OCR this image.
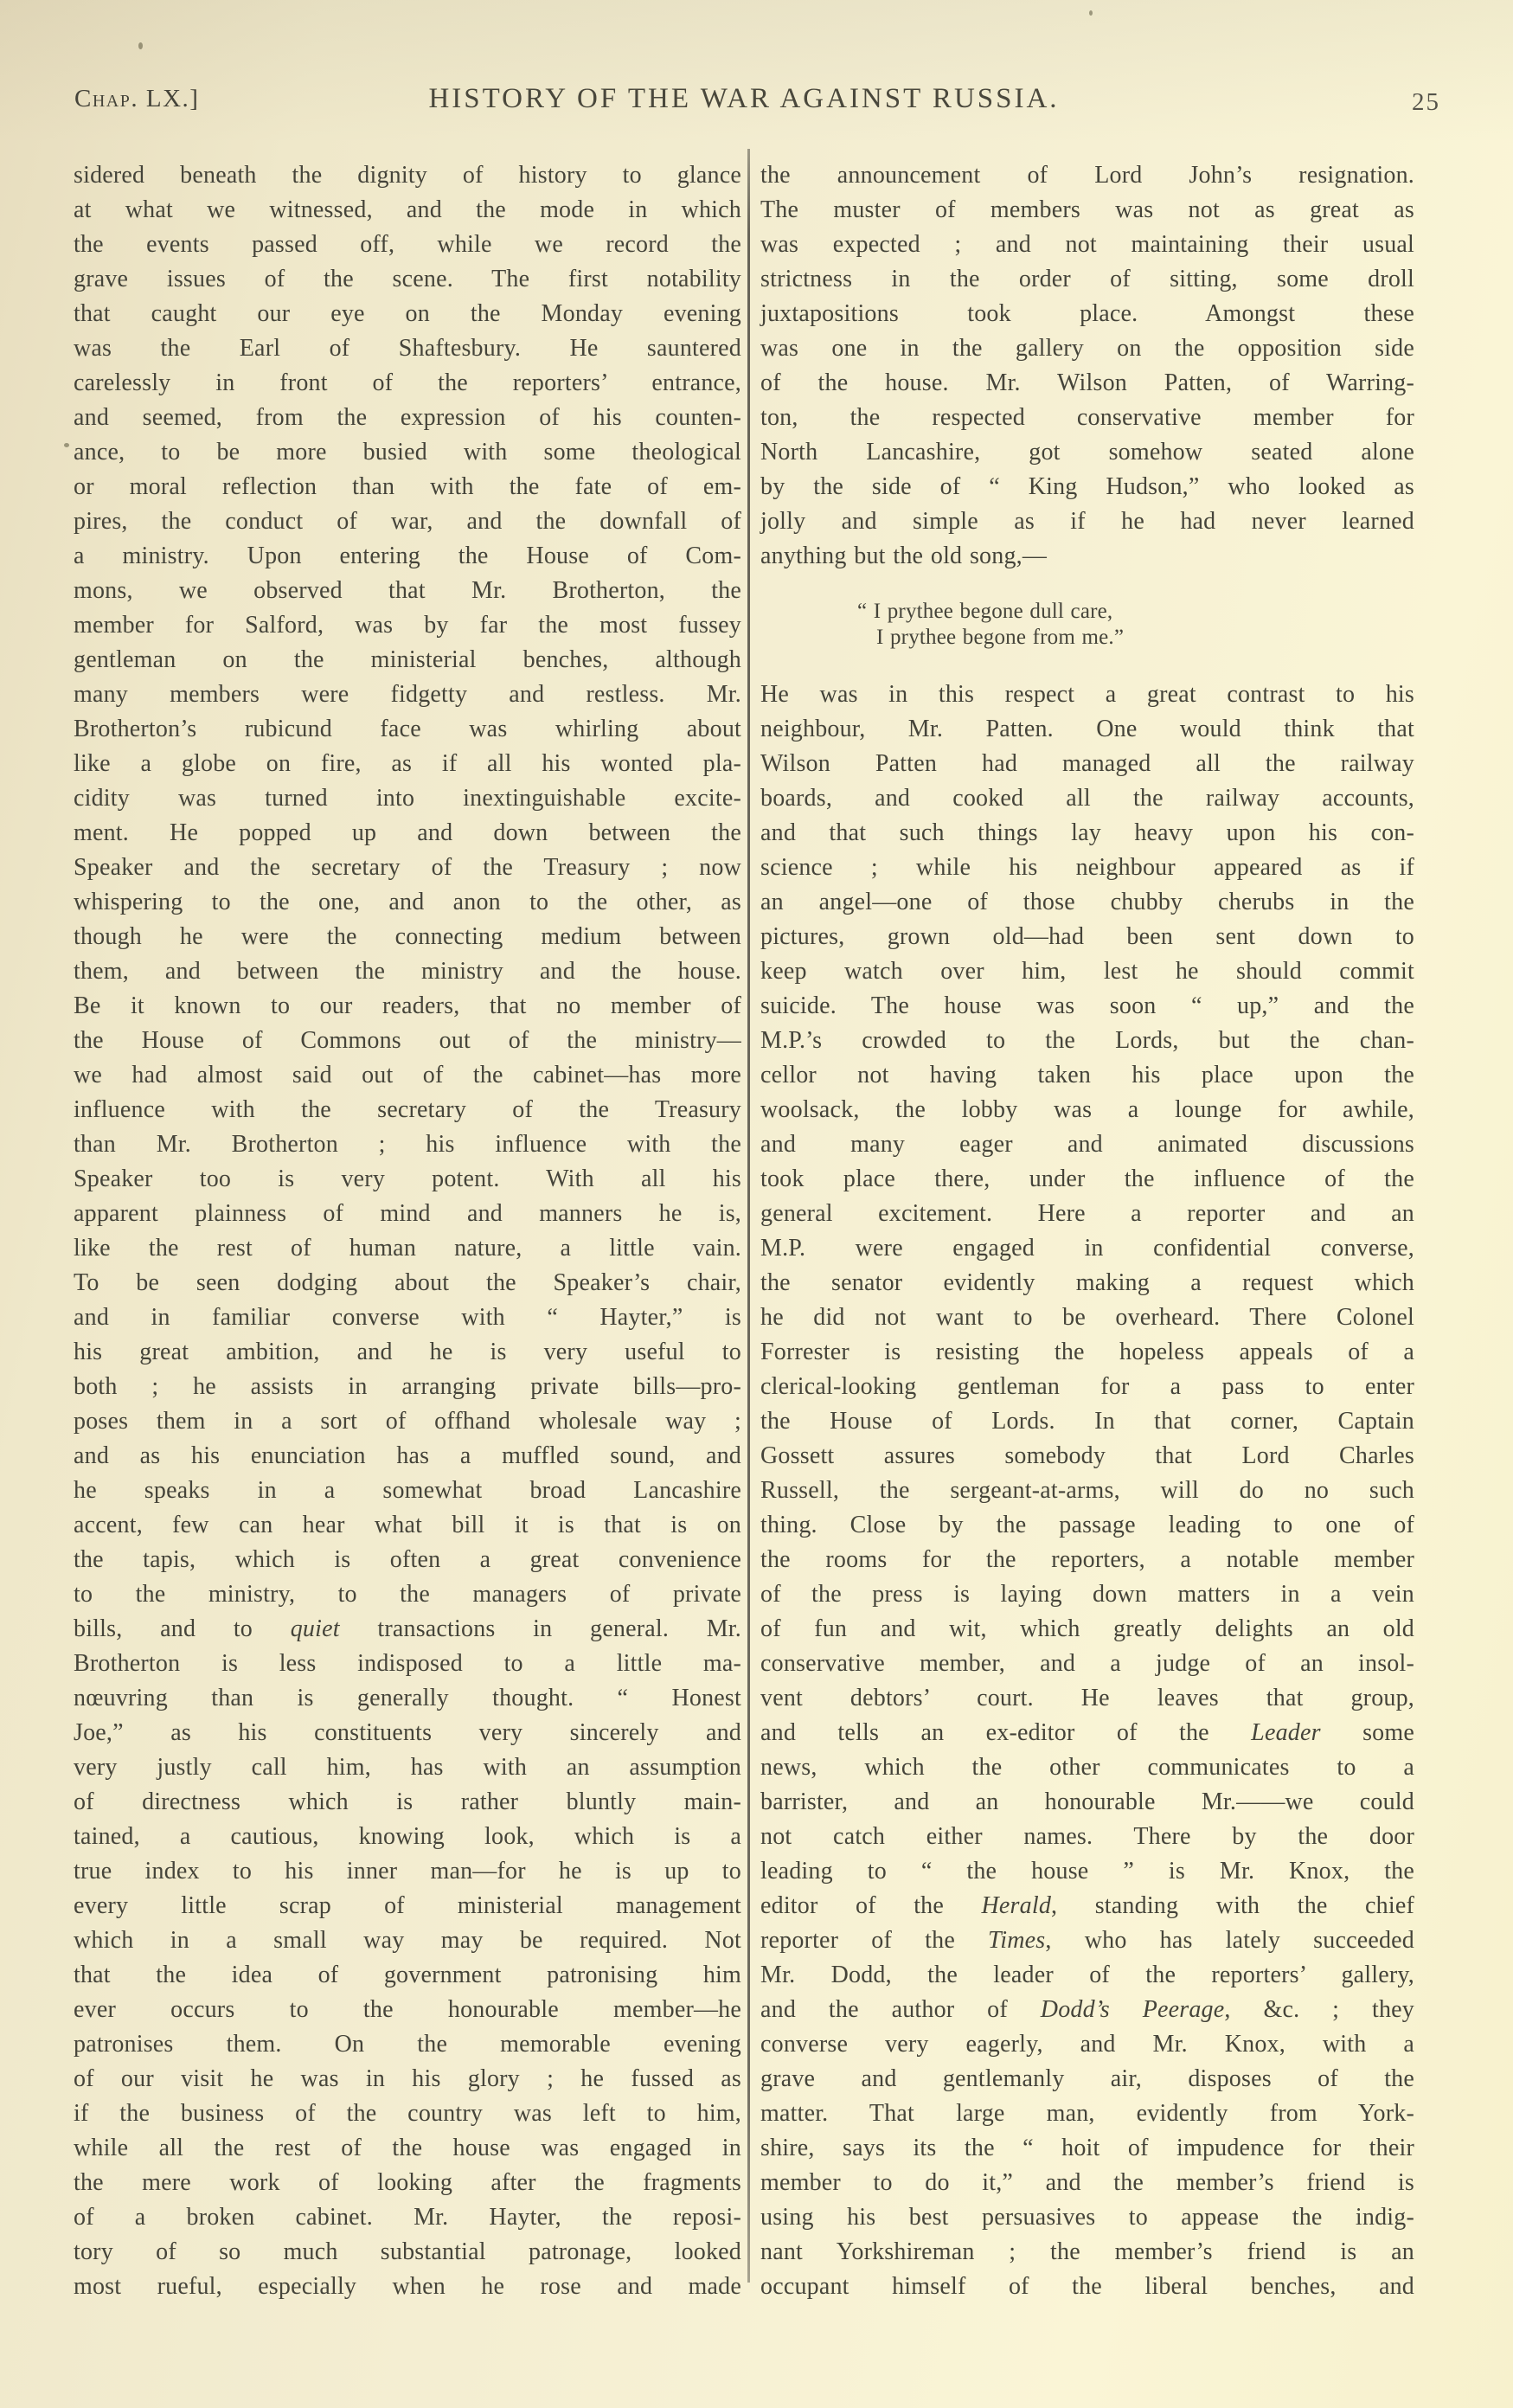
Chap. LX.]	HISTORY OF THE WAR AGAINST RUSSIA.	25
sidered beneath the dignity of history to glance
at what we witnessed, and the mode in which
the events passed off, while we record the
grave issues of the scene. The first notability
that caught our eye on the Monday evening
was the Earl of Shaftesbury. He sauntered
carelessly in front of the reporters’ entrance,
and seemed, from the expression of his counten-
ance, to be more busied with some theological
or moral reflection than with the fate of em-
pires, the conduct of war, and the downfall of
a ministry. Upon entering the House of Com-
mons, we observed that Mr. Brotherton, the
member for Salford, was by far the most fussey
gentleman on the ministerial benches, although
many members were fidgetty and restless. Mr.
Brotherton’s rubicund face was whirling about
like a globe on fire, as if all his wonted pla-
cidity was turned into inextinguishable excite-
ment. He popped up and down between the
Speaker and the secretary of the Treasury ; now
whispering to the one, and anon to the other, as
though he were the connecting medium between
them, and between the ministry and the house.
Be it known to our readers, that no member of
the House of Commons out of the ministry—
we had almost said out of the cabinet—has more
influence with the secretary of the Treasury
than Mr. Brotherton ; his influence with the
Speaker too is very potent. With all his
apparent plainness of mind and manners he is,
like the rest of human nature, a little vain.
To be seen dodging about the Speaker’s chair,
and in familiar converse with “ Hayter,” is
his great ambition, and he is very useful to
both ; he assists in arranging private bills—pro-
poses them in a sort of offhand wholesale way ;
and as his enunciation has a muffled sound, and
he speaks in a somewhat broad Lancashire
accent, few can hear what bill it is that is on
the tapis, which is often a great convenience
to the ministry, to the managers of private
bills, and to quiet transactions in general. Mr.
Brotherton is less indisposed to a little ma-
nœuvring than is generally thought. “ Honest
Joe,” as his constituents very sincerely and
very justly call him, has with an assumption
of directness which is rather bluntly main-
tained, a cautious, knowing look, which is a
true index to his inner man—for he is up to
every little scrap of ministerial management
which in a small way may be required. Not
that the idea of government patronising him
ever occurs to the honourable member—he
patronises them. On the memorable evening
of our visit he was in his glory ; he fussed as
if the business of the country was left to him,
while all the rest of the house was engaged in
the mere work of looking after the fragments
of a broken cabinet. Mr. Hayter, the reposi-
tory of so much substantial patronage, looked
most rueful, especially when he rose and made
the announcement of Lord John’s resignation.
The muster of members was not as great as
was expected ; and not maintaining their usual
strictness in the order of sitting, some droll
juxtapositions took place. Amongst these
was one in the gallery on the opposition side
of the house. Mr. Wilson Patten, of Warring-
ton, the respected conservative member for
North Lancashire, got somehow seated alone
by the side of “ King Hudson,” who looked as
jolly and simple as if he had never learned
anything but the old song,—
“ I prythee begone dull care,
I prythee begone from me.”
He was in this respect a great contrast to his
neighbour, Mr. Patten. One would think that
Wilson Patten had managed all the railway
boards, and cooked all the railway accounts,
and that such things lay heavy upon his con-
science ; while his neighbour appeared as if
an angel—one of those chubby cherubs in the
pictures, grown old—had been sent down to
keep watch over him, lest he should commit
suicide. The house was soon “ up,” and the
M.P.’s crowded to the Lords, but the chan-
cellor not having taken his place upon the
woolsack, the lobby was a lounge for awhile,
and many eager and animated discussions
took place there, under the influence of the
general excitement. Here a reporter and an
M.P. were engaged in confidential converse,
the senator evidently making a request which
he did not want to be overheard. There Colonel
Forrester is resisting the hopeless appeals of a
clerical-looking gentleman for a pass to enter
the House of Lords. In that corner, Captain
Gossett assures somebody that Lord Charles
Russell, the sergeant-at-arms, will do no such
thing. Close by the passage leading to one of
the rooms for the reporters, a notable member
of the press is laying down matters in a vein
of fun and wit, which greatly delights an old
conservative member, and a judge of an insol-
vent debtors’ court. He leaves that group,
and tells an ex-editor of the Leader some
news, which the other communicates to a
barrister, and an honourable Mr.——we could
not catch either names. There by the door
leading to “ the house ” is Mr. Knox, the
editor of the Herald, standing with the chief
reporter of the Times, who has lately succeeded
Mr. Dodd, the leader of the reporters’ gallery,
and the author of Dodd’s Peerage, &c. ; they
converse very eagerly, and Mr. Knox, with a
grave and gentlemanly air, disposes of the
matter. That large man, evidently from York-
shire, says its the “ hoit of impudence for their
member to do it,” and the member’s friend is
using his best persuasives to appease the indig-
nant Yorkshireman ; the member’s friend is an
occupant himself of the liberal benches, and
